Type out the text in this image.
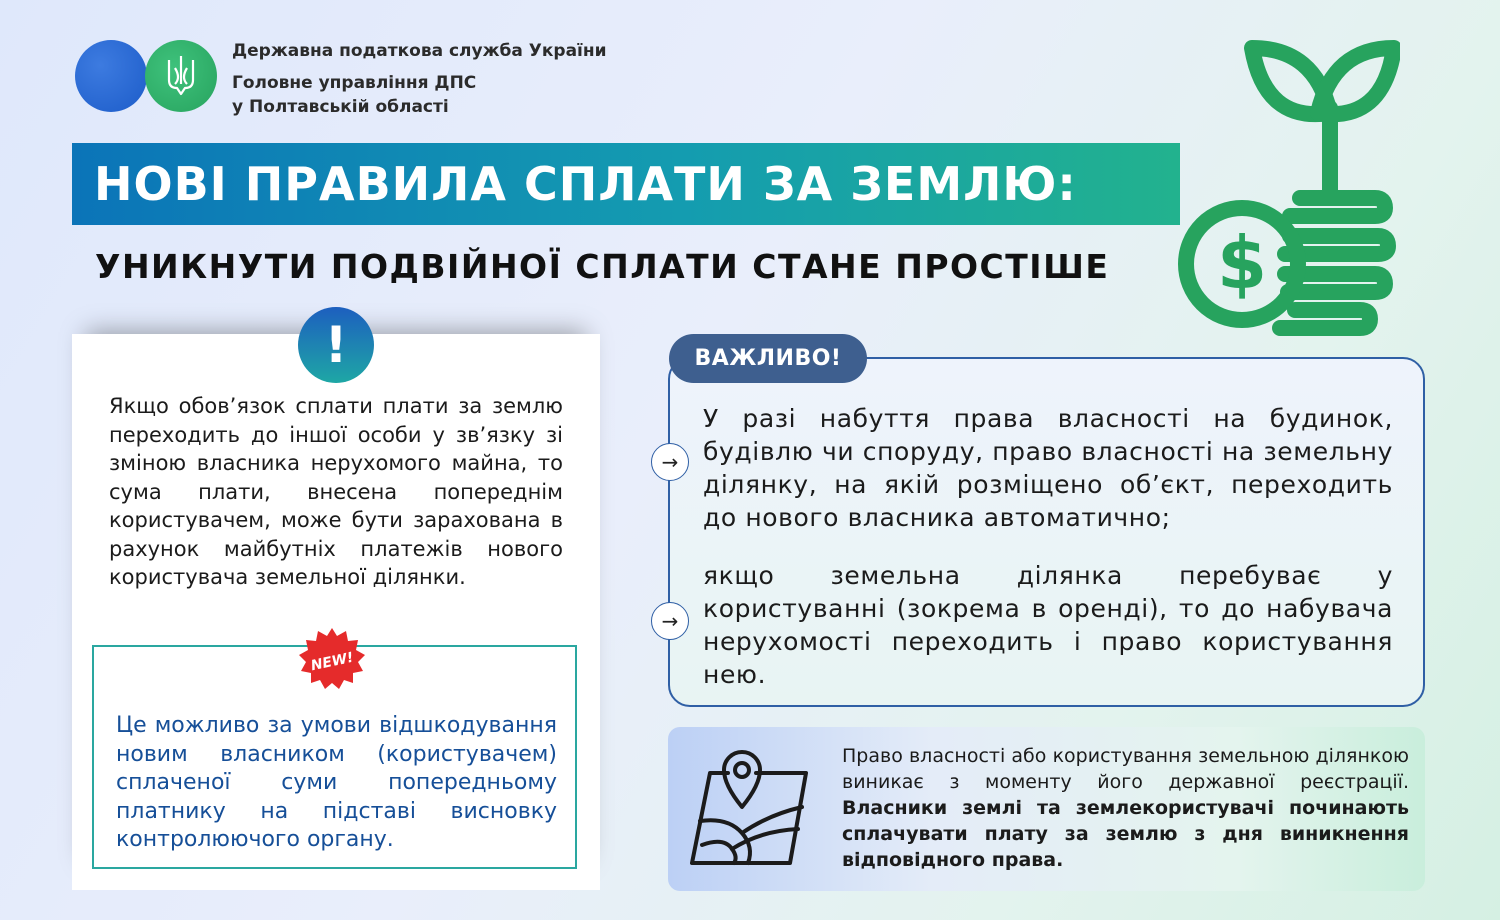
Державна податкова служба України
Головне управління ДПС
у Полтавській області
$
НОВІ ПРАВИЛА СПЛАТИ ЗА ЗЕМЛЮ:
УНИКНУТИ ПОДВІЙНОЇ СПЛАТИ СТАНЕ ПРОСТІШЕ
!
Якщо обов’язок сплати плати за землю переходить до іншої особи у зв’язку зі зміною власника нерухомого майна, то сума плати, внесена попереднім користувачем, може бути зарахована в рахунок майбутніх платежів нового користувача земельної ділянки.
NEW!
Це можливо за умови відшкодування новим власником (користувачем) сплаченої суми попередньому платнику на підставі висновку контролюючого органу.
ВАЖЛИВО!
→
У разі набуття права власності на будинок, будівлю чи споруду, право власності на земельну ділянку, на якій розміщено об’єкт, переходить до нового власника автоматично;
→
якщо земельна ділянка перебуває у користуванні (зокрема в оренді), то до набувача нерухомості переходить і право користування нею.
Право власності або користування земельною ділянкою виникає з моменту його державної реєстрації. Власники землі та землекористувачі починають сплачувати плату за землю з дня виникнення відповідного права.
